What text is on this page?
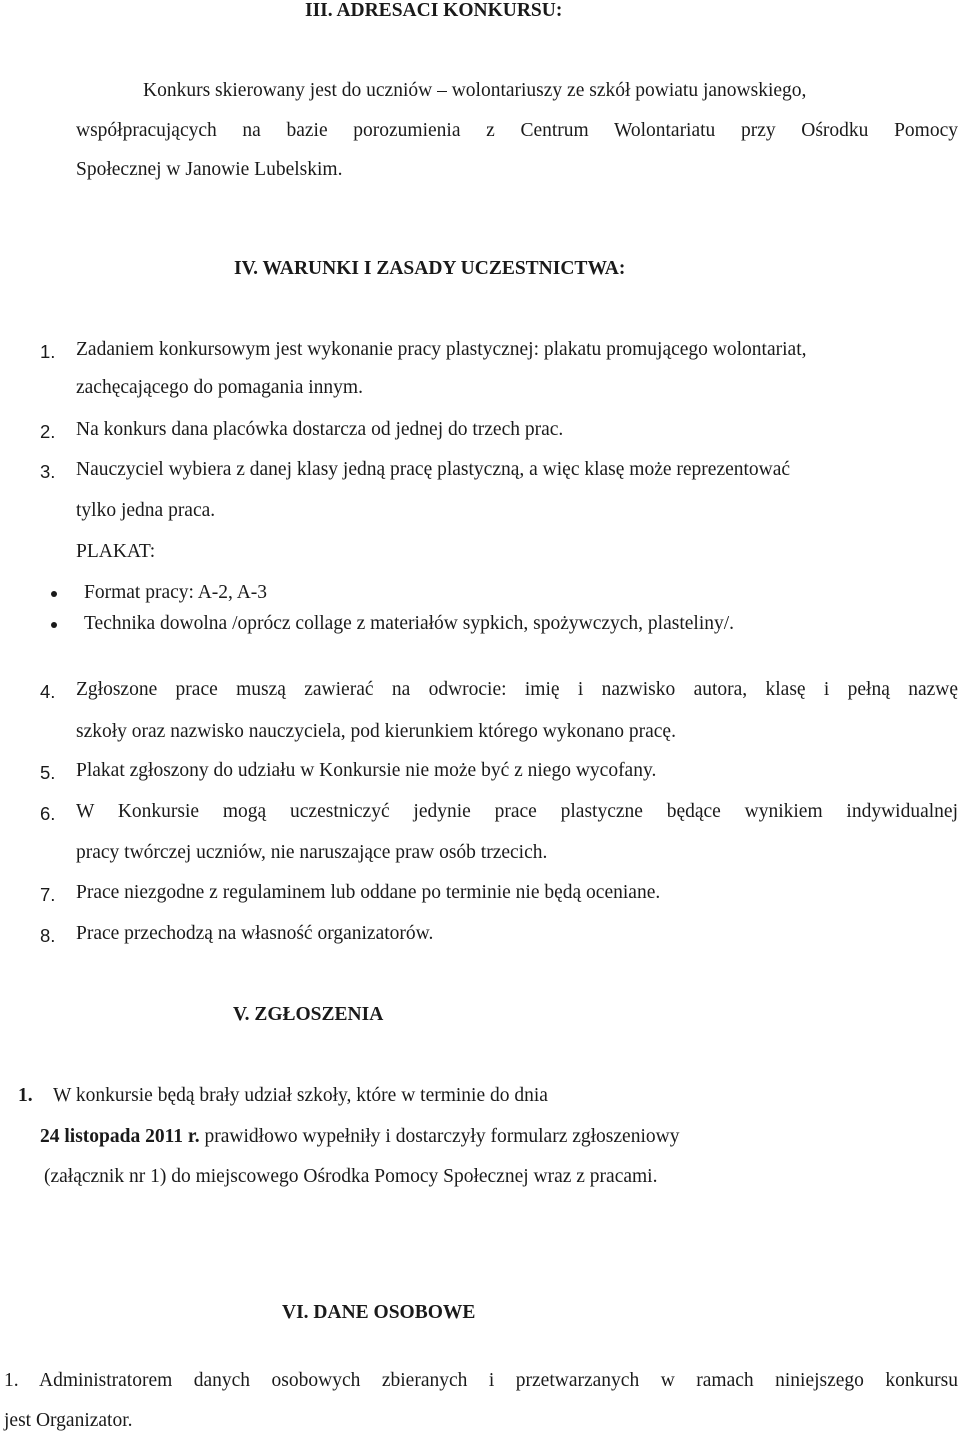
III. ADRESACI KONKURSU:
Konkurs skierowany jest do uczniów – wolontariuszy ze szkół powiatu janowskiego,
współpracujących na bazie porozumienia z Centrum Wolontariatu przy Ośrodku Pomocy
Społecznej w Janowie Lubelskim.
IV. WARUNKI I ZASADY UCZESTNICTWA:
1. Zadaniem konkursowym jest wykonanie pracy plastycznej: plakatu promującego wolontariat,
zachęcającego do pomagania innym.
2. Na konkurs dana placówka dostarcza od jednej do trzech prac.
3. Nauczyciel wybiera z danej klasy jedną pracę plastyczną, a więc klasę może reprezentować
tylko jedna praca.
PLAKAT:
Format pracy: A-2, A-3
Technika dowolna /oprócz collage z materiałów sypkich, spożywczych, plasteliny/.
4. Zgłoszone prace muszą zawierać na odwrocie: imię i nazwisko autora, klasę i pełną nazwę
szkoły oraz nazwisko nauczyciela, pod kierunkiem którego wykonano pracę.
5. Plakat zgłoszony do udziału w Konkursie nie może być z niego wycofany.
6. W Konkursie mogą uczestniczyć jedynie prace plastyczne będące wynikiem indywidualnej
pracy twórczej uczniów, nie naruszające praw osób trzecich.
7. Prace niezgodne z regulaminem lub oddane po terminie nie będą oceniane.
8. Prace przechodzą na własność organizatorów.
V. ZGŁOSZENIA
1. W konkursie będą brały udział szkoły, które w terminie do dnia
24 listopada 2011 r. prawidłowo wypełniły i dostarczyły formularz zgłoszeniowy
(załącznik nr 1) do miejscowego Ośrodka Pomocy Społecznej wraz z pracami.
VI. DANE OSOBOWE
1. Administratorem danych osobowych zbieranych i przetwarzanych w ramach niniejszego konkursu
jest Organizator.
